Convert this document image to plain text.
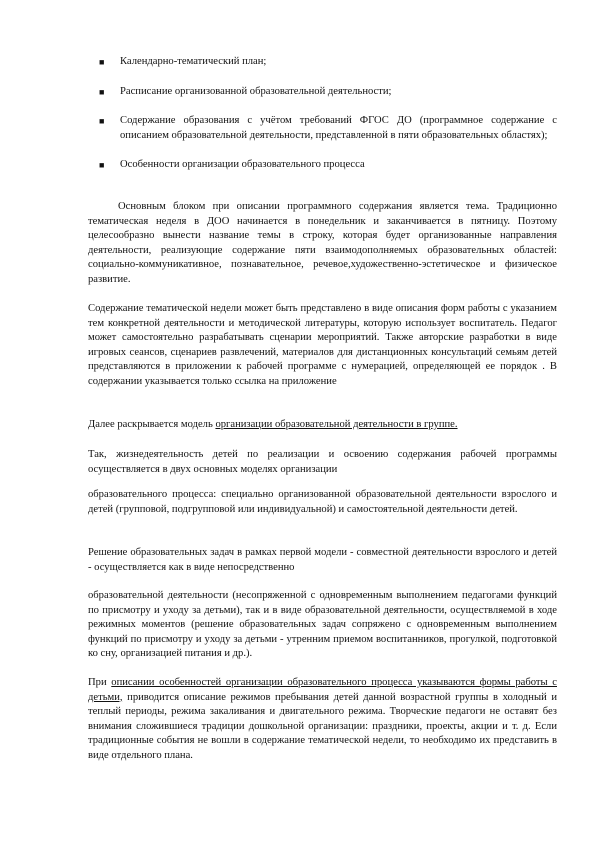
■ Календарно-тематический план;
■ Расписание организованной образовательной деятельности;
■ Содержание образования с учётом требований ФГОС ДО (программное содержание с описанием образовательной деятельности, представленной в пяти образовательных областях);
■ Особенности организации образовательного процесса

Основным блоком при описании программного содержания является тема. Традиционно тематическая неделя в ДОО начинается в понедельник и заканчивается в пятницу. Поэтому целесообразно вынести название темы в строку, которая будет организованные направления деятельности, реализующие содержание пяти взаимодополняемых образовательных областей: социально-коммуникативное, познавательное, речевое,художественно-эстетическое и физическое развитие.

Содержание тематической недели может быть представлено в виде описания форм работы с указанием тем конкретной деятельности и методической литературы, которую использует воспитатель. Педагог может самостоятельно разрабатывать сценарии мероприятий. Также авторские разработки в виде игровых сеансов, сценариев развлечений, материалов для дистанционных консультаций семьям детей представляются в приложении к рабочей программе с нумерацией, определяющей ее порядок . В содержании указывается только ссылка на приложение

Далее раскрывается модель организации образовательной деятельности в группе.

Так, жизнедеятельность детей по реализации и освоению содержания рабочей программы осуществляется в двух основных моделях организации

образовательного процесса: специально организованной образовательной деятельности взрослого и детей (групповой, подгрупповой или индивидуальной) и самостоятельной деятельности детей.

Решение образовательных задач в рамках первой модели - совместной деятельности взрослого и детей - осуществляется как в виде непосредственно

образовательной деятельности (несопряженной с одновременным выполнением педагогами функций по присмотру и уходу за детьми), так и в виде образовательной деятельности, осуществляемой в ходе режимных моментов (решение образовательных задач сопряжено с одновременным выполнением функций по присмотру и уходу за детьми - утренним приемом воспитанников, прогулкой, подготовкой ко сну, организацией питания и др.).

При описании особенностей организации образовательного процесса указываются формы работы с детьми, приводится описание режимов пребывания детей данной возрастной группы в холодный и теплый периоды, режима закаливания и двигательного режима. Творческие педагоги не оставят без внимания сложившиеся традиции дошкольной организации: праздники, проекты, акции и т. д. Если традиционные события не вошли в содержание тематической недели, то необходимо их представить в виде отдельного плана.
